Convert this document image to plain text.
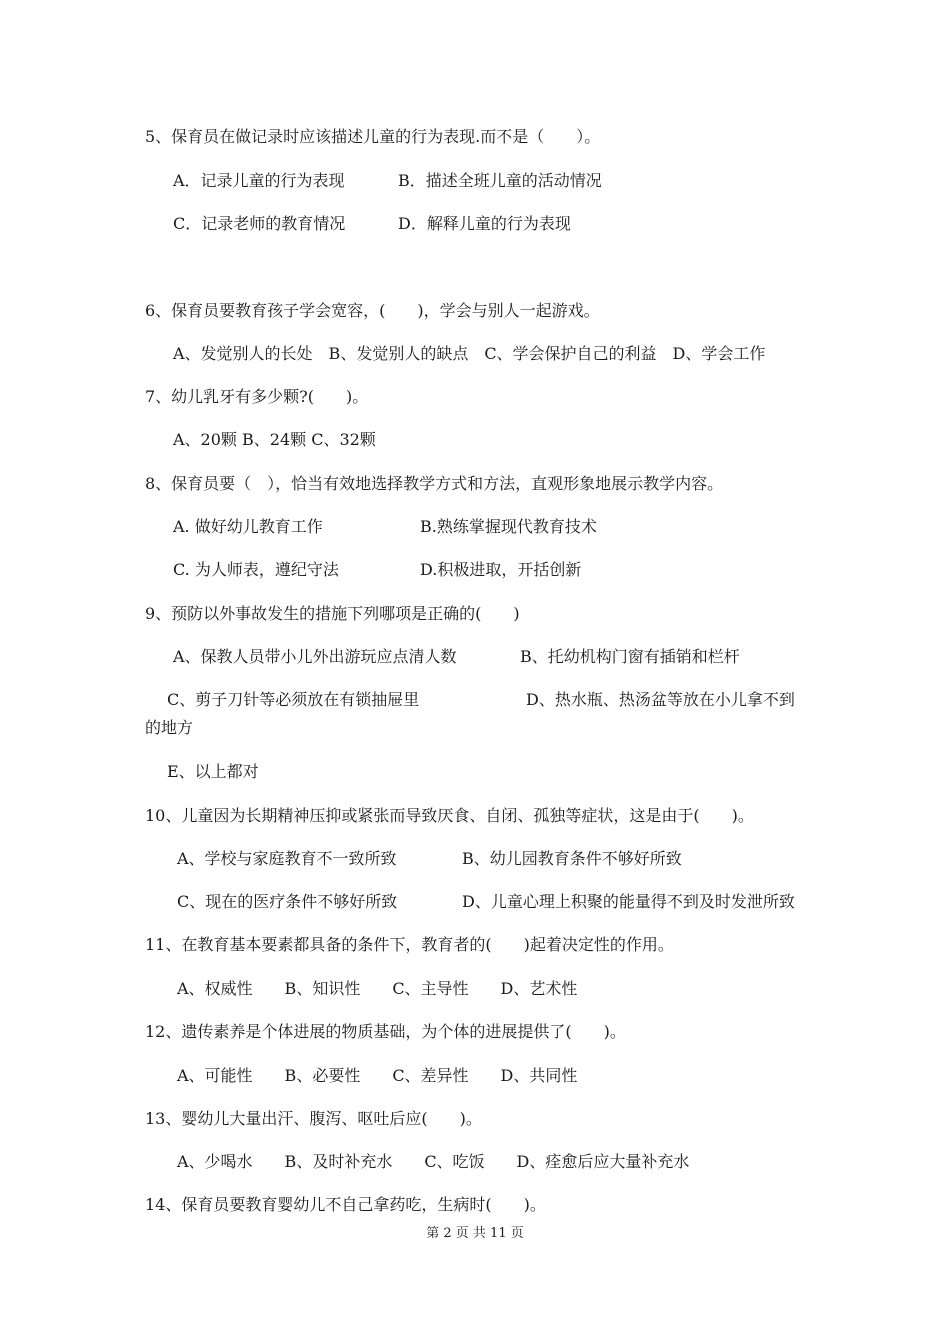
5、保育员在做记录时应该描述儿童的行为表现.而不是（　　）。
A．记录儿童的行为表现	B．描述全班儿童的活动情况
C．记录老师的教育情况	D．解释儿童的行为表现
6、保育员要教育孩子学会宽容，(　　)，学会与别人一起游戏。
A、发觉别人的长处　B、发觉别人的缺点　C、学会保护自己的利益　D、学会工作
7、幼儿乳牙有多少颗?(　　)。
A、20颗 B、24颗 C、32颗
8、保育员要（　），恰当有效地选择教学方式和方法，直观形象地展示教学内容。
A. 做好幼儿教育工作	B.熟练掌握现代教育技术
C. 为人师表，遵纪守法	D.积极进取，开括创新
9、预防以外事故发生的措施下列哪项是正确的(　　)
A、保教人员带小儿外出游玩应点清人数	B、托幼机构门窗有插销和栏杆
C、剪子刀针等必须放在有锁抽屉里	D、热水瓶、热汤盆等放在小儿拿不到
的地方
E、以上都对
10、儿童因为长期精神压抑或紧张而导致厌食、自闭、孤独等症状，这是由于(　　)。
A、学校与家庭教育不一致所致	B、幼儿园教育条件不够好所致
C、现在的医疗条件不够好所致	D、儿童心理上积聚的能量得不到及时发泄所致
11、在教育基本要素都具备的条件下，教育者的(　　)起着决定性的作用。
A、权威性　　B、知识性　　C、主导性　　D、艺术性
12、遗传素养是个体进展的物质基础，为个体的进展提供了(　　)。
A、可能性　　B、必要性　　C、差异性　　D、共同性
13、婴幼儿大量出汗、腹泻、呕吐后应(　　)。
A、少喝水　　B、及时补充水　　C、吃饭　　D、痊愈后应大量补充水
14、保育员要教育婴幼儿不自己拿药吃，生病时(　　)。
第 2 页 共 11 页
